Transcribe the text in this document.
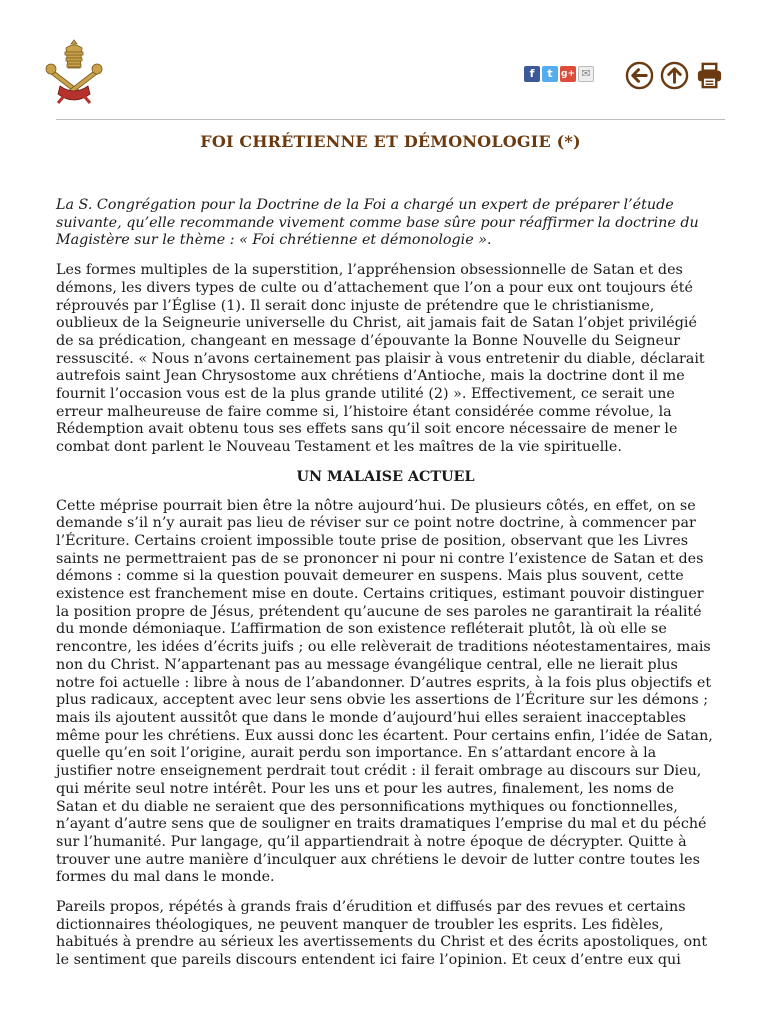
f	t g+ ✉
FOI CHRÉTIENNE ET DÉMONOLOGIE (*)

La S. Congrégation pour la Doctrine de la Foi a chargé un expert de préparer l’étude suivante, qu’elle recommande vivement comme base sûre pour réaffirmer la doctrine du Magistère sur le thème : « Foi chrétienne et démonologie ».

Les formes multiples de la superstition, l’appréhension obsessionnelle de Satan et des démons, les divers types de culte ou d’attachement que l’on a pour eux ont toujours été réprouvés par l’Église (1). Il serait donc injuste de prétendre que le christianisme, oublieux de la Seigneurie universelle du Christ, ait jamais fait de Satan l’objet privilégié de sa prédication, changeant en message d’épouvante la Bonne Nouvelle du Seigneur ressuscité. « Nous n’avons certainement pas plaisir à vous entretenir du diable, déclarait autrefois saint Jean Chrysostome aux chrétiens d’Antioche, mais la doctrine dont il me fournit l’occasion vous est de la plus grande utilité (2) ». Effectivement, ce serait une erreur malheureuse de faire comme si, l’histoire étant considérée comme révolue, la Rédemption avait obtenu tous ses effets sans qu’il soit encore nécessaire de mener le combat dont parlent le Nouveau Testament et les maîtres de la vie spirituelle.

UN MALAISE ACTUEL

Cette méprise pourrait bien être la nôtre aujourd’hui. De plusieurs côtés, en effet, on se demande s’il n’y aurait pas lieu de réviser sur ce point notre doctrine, à commencer par l’Écriture. Certains croient impossible toute prise de position, observant que les Livres saints ne permettraient pas de se prononcer ni pour ni contre l’existence de Satan et des démons : comme si la question pouvait demeurer en suspens. Mais plus souvent, cette existence est franchement mise en doute. Certains critiques, estimant pouvoir distinguer la position propre de Jésus, prétendent qu’aucune de ses paroles ne garantirait la réalité du monde démoniaque. L’affirmation de son existence refléterait plutôt, là où elle se rencontre, les idées d’écrits juifs ; ou elle relèverait de traditions néotestamentaires, mais non du Christ. N’appartenant pas au message évangélique central, elle ne lierait plus notre foi actuelle : libre à nous de l’abandonner. D’autres esprits, à la fois plus objectifs et plus radicaux, acceptent avec leur sens obvie les assertions de l’Écriture sur les démons ; mais ils ajoutent aussitôt que dans le monde d’aujourd’hui elles seraient inacceptables même pour les chrétiens. Eux aussi donc les écartent. Pour certains enfin, l’idée de Satan, quelle qu’en soit l’origine, aurait perdu son importance. En s’attardant encore à la justifier notre enseignement perdrait tout crédit : il ferait ombrage au discours sur Dieu, qui mérite seul notre intérêt. Pour les uns et pour les autres, finalement, les noms de Satan et du diable ne seraient que des personnifications mythiques ou fonctionnelles, n’ayant d’autre sens que de souligner en traits dramatiques l’emprise du mal et du péché sur l’humanité. Pur langage, qu’il appartiendrait à notre époque de décrypter. Quitte à trouver une autre manière d’inculquer aux chrétiens le devoir de lutter contre toutes les formes du mal dans le monde.

Pareils propos, répétés à grands frais d’érudition et diffusés par des revues et certains dictionnaires théologiques, ne peuvent manquer de troubler les esprits. Les fidèles, habitués à prendre au sérieux les avertissements du Christ et des écrits apostoliques, ont le sentiment que pareils discours entendent ici faire l’opinion. Et ceux d’entre eux qui
